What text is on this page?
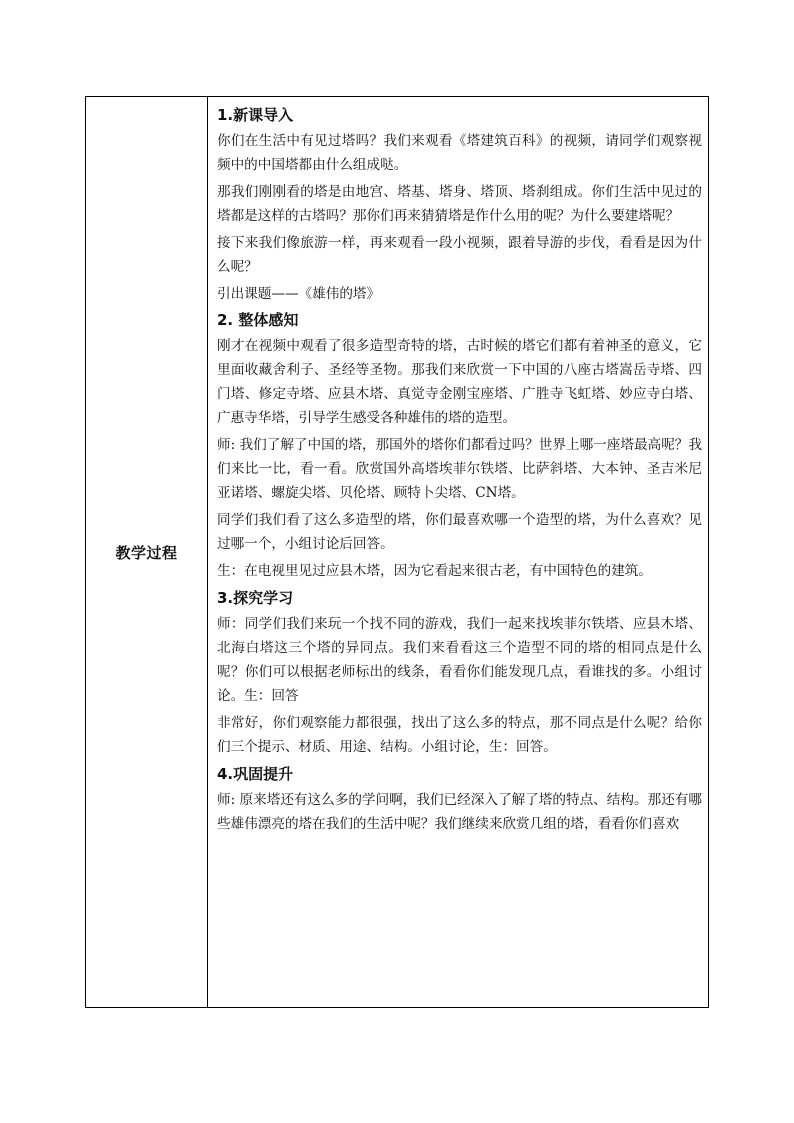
教学过程	

1.新课导入

你们在生活中有见过塔吗？我们来观看《塔建筑百科》的视频，请同学们观察视频中的中国塔都由什么组成哒。

那我们刚刚看的塔是由地宫、塔基、塔身、塔顶、塔刹组成。你们生活中见过的塔都是这样的古塔吗？那你们再来猜猜塔是作什么用的呢？为什么要建塔呢？

接下来我们像旅游一样，再来观看一段小视频，跟着导游的步伐，看看是因为什么呢？

引出课题——《雄伟的塔》

2. 整体感知

刚才在视频中观看了很多造型奇特的塔，古时候的塔它们都有着神圣的意义，它里面收藏舍利子、圣经等圣物。那我们来欣赏一下中国的八座古塔嵩岳寺塔、四门塔、修定寺塔、应县木塔、真觉寺金刚宝座塔、广胜寺飞虹塔、妙应寺白塔、广惠寺华塔，引导学生感受各种雄伟的塔的造型。

师: 我们了解了中国的塔，那国外的塔你们都看过吗？世界上哪一座塔最高呢？我们来比一比，看一看。欣赏国外高塔埃菲尔铁塔、比萨斜塔、大本钟、圣吉米尼亚诺塔、螺旋尖塔、贝伦塔、顾特卜尖塔、CN塔。

同学们我们看了这么多造型的塔，你们最喜欢哪一个造型的塔，为什么喜欢？见过哪一个，小组讨论后回答。

生：在电视里见过应县木塔，因为它看起来很古老，有中国特色的建筑。

3.探究学习

师：同学们我们来玩一个找不同的游戏，我们一起来找埃菲尔铁塔、应县木塔、北海白塔这三个塔的异同点。我们来看看这三个造型不同的塔的相同点是什么呢？你们可以根据老师标出的线条，看看你们能发现几点，看谁找的多。小组讨论。生：回答

非常好，你们观察能力都很强，找出了这么多的特点，那不同点是什么呢？给你们三个提示、材质、用途、结构。小组讨论，生：回答。

4.巩固提升

师: 原来塔还有这么多的学问啊，我们已经深入了解了塔的特点、结构。那还有哪些雄伟漂亮的塔在我们的生活中呢？我们继续来欣赏几组的塔，看看你们喜欢
